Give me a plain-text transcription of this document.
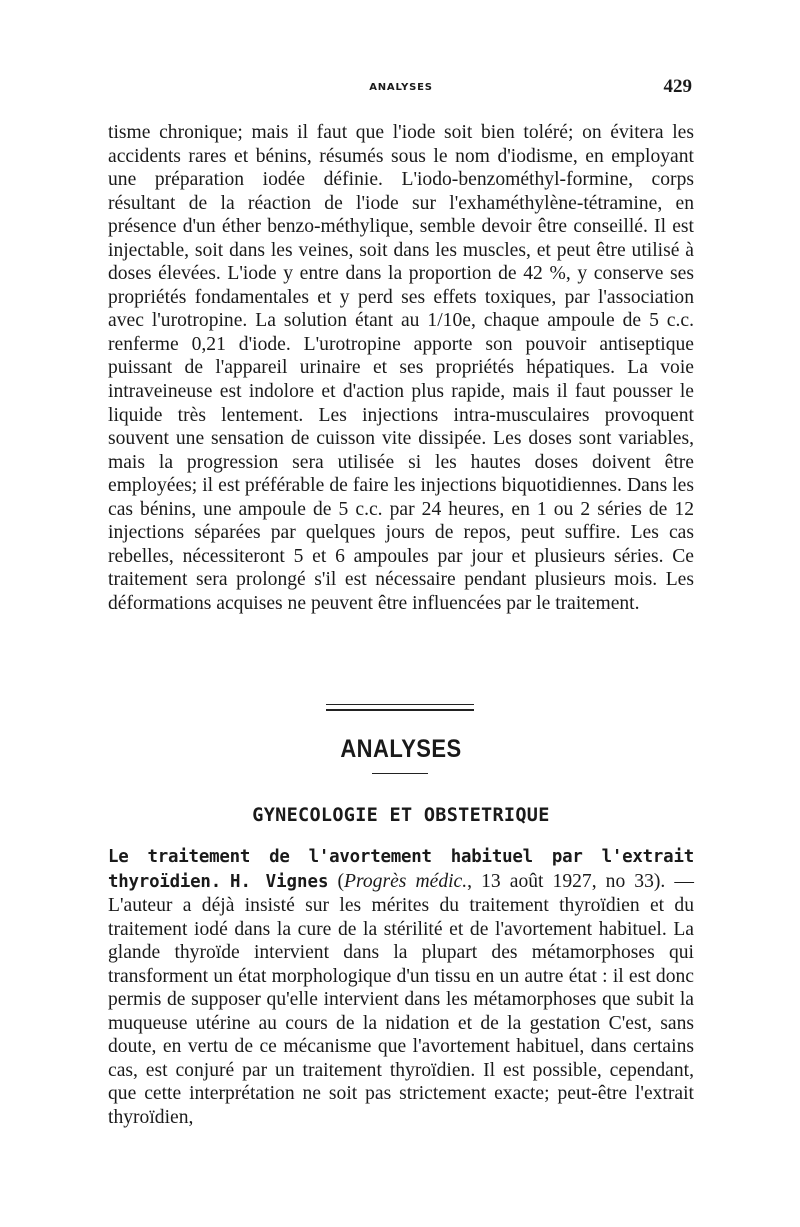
ANALYSES	429

tisme chronique; mais il faut que l'iode soit bien toléré; on évitera les accidents rares et bénins, résumés sous le nom d'iodisme, en employant une préparation iodée définie. L'iodo-benzométhyl-formine, corps résultant de la réaction de l'iode sur l'exhaméthylène-tétramine, en présence d'un éther benzo-méthylique, semble devoir être conseillé. Il est injectable, soit dans les veines, soit dans les muscles, et peut être utilisé à doses élevées. L'iode y entre dans la proportion de 42 %, y conserve ses propriétés fondamentales et y perd ses effets toxiques, par l'association avec l'urotropine. La solution étant au 1/10e, chaque ampoule de 5 c.c. renferme 0,21 d'iode. L'urotropine apporte son pouvoir antiseptique puissant de l'appareil urinaire et ses propriétés hépatiques. La voie intraveineuse est indolore et d'action plus rapide, mais il faut pousser le liquide très lentement. Les injections intra-musculaires provoquent souvent une sensation de cuisson vite dissipée. Les doses sont variables, mais la progression sera utilisée si les hautes doses doivent être employées; il est préférable de faire les injections biquotidiennes. Dans les cas bénins, une ampoule de 5 c.c. par 24 heures, en 1 ou 2 séries de 12 injections séparées par quelques jours de repos, peut suffire. Les cas rebelles, nécessiteront 5 et 6 ampoules par jour et plusieurs séries. Ce traitement sera prolongé s'il est nécessaire pendant plusieurs mois. Les déformations acquises ne peuvent être influencées par le traitement.

ANALYSES
GYNECOLOGIE ET OBSTETRIQUE

Le traitement de l'avortement habituel par l'extrait thyroïdien. H. Vignes (Progrès médic., 13 août 1927, no 33). — L'auteur a déjà insisté sur les mérites du traitement thyroïdien et du traitement iodé dans la cure de la stérilité et de l'avortement habituel. La glande thyroïde intervient dans la plupart des métamorphoses qui transforment un état morphologique d'un tissu en un autre état : il est donc permis de supposer qu'elle intervient dans les métamorphoses que subit la muqueuse utérine au cours de la nidation et de la gestation C'est, sans doute, en vertu de ce mécanisme que l'avortement habituel, dans certains cas, est conjuré par un traitement thyroïdien. Il est possible, cependant, que cette interprétation ne soit pas strictement exacte; peut-être l'extrait thyroïdien,
